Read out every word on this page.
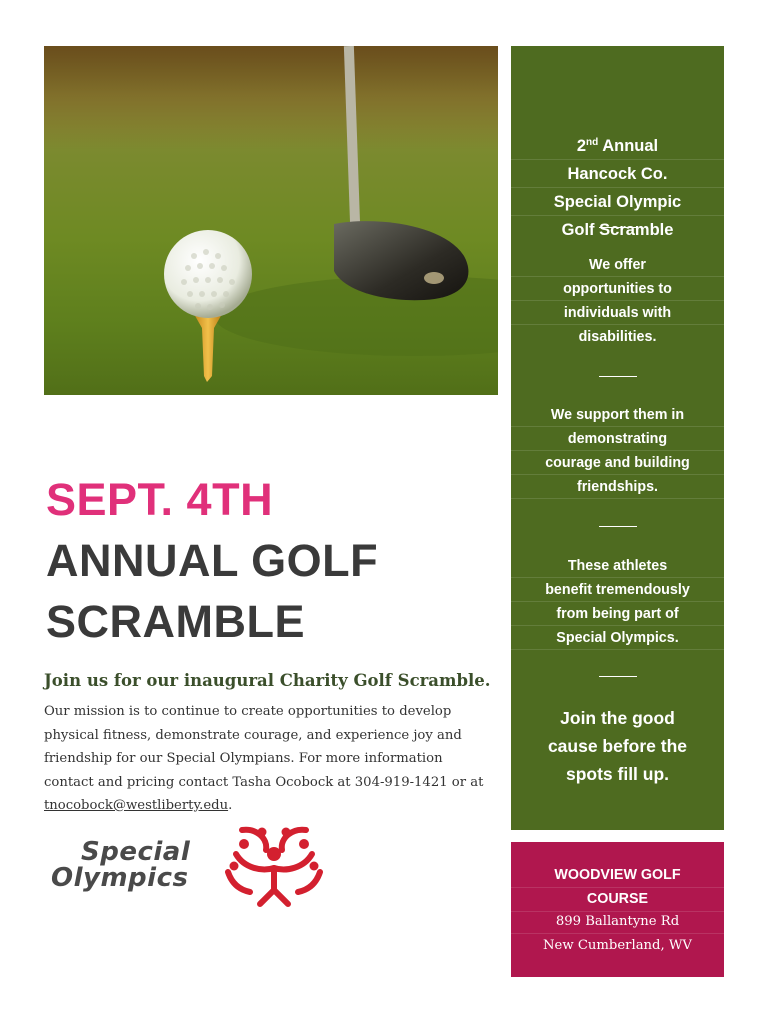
SEPT. 4TH
ANNUAL GOLF
SCRAMBLE

Join us for our inaugural Charity Golf Scramble.

Our mission is to continue to create opportunities to develop physical fitness, demonstrate courage, and experience joy and friendship for our Special Olympians. For more information contact and pricing contact Tasha Ocobock at 304-919-1421 or at tnocobock@westliberty.edu.

Special
Olympics
2nd Annual
Hancock Co.
Special Olympic
Golf Scramble
We offer
opportunities to
individuals with
disabilities.
We support them in
demonstrating
courage and building
friendships.
These athletes
benefit tremendously
from being part of
Special Olympics.
Join the good
cause before the
spots fill up.
WOODVIEW GOLF
COURSE
899 Ballantyne Rd
New Cumberland, WV
